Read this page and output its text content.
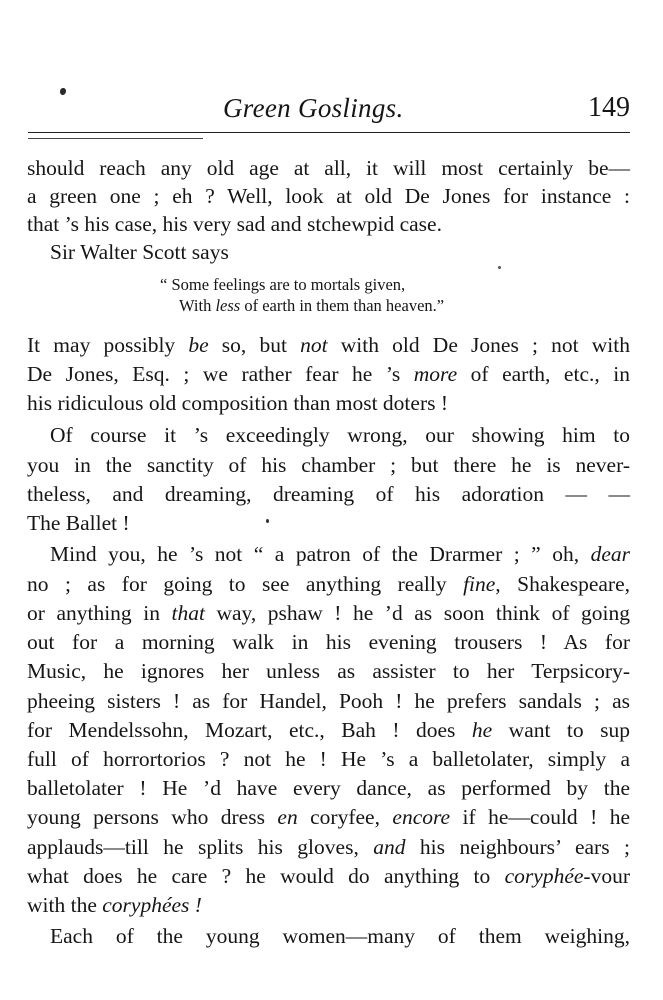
Green Goslings.	149
should reach any old age at all, it will most certainly be—
a green one ; eh ? Well, look at old De Jones for instance :
that ’s his case, his very sad and stchewpid case.
Sir Walter Scott says
“ Some feelings are to mortals given,
With less of earth in them than heaven.”
It may possibly be so, but not with old De Jones ; not with
De Jones, Esq. ; we rather fear he ’s more of earth, etc., in
his ridiculous old composition than most doters !
Of course it ’s exceedingly wrong, our showing him to
you in the sanctity of his chamber ; but there he is never-
theless, and dreaming, dreaming of his adoration — —
The Ballet !
Mind you, he ’s not “ a patron of the Drarmer ; ” oh, dear
no ; as for going to see anything really fine, Shakespeare,
or anything in that way, pshaw ! he ’d as soon think of going
out for a morning walk in his evening trousers ! As for
Music, he ignores her unless as assister to her Terpsicory-
pheeing sisters ! as for Handel, Pooh ! he prefers sandals ; as
for Mendelssohn, Mozart, etc., Bah ! does he want to sup
full of horrortorios ? not he ! He ’s a balletolater, simply a
balletolater ! He ’d have every dance, as performed by the
young persons who dress en coryfee, encore if he—could ! he
applauds—till he splits his gloves, and his neighbours’ ears ;
what does he care ? he would do anything to coryphée-vour
with the coryphées !
Each of the young women—many of them weighing,
